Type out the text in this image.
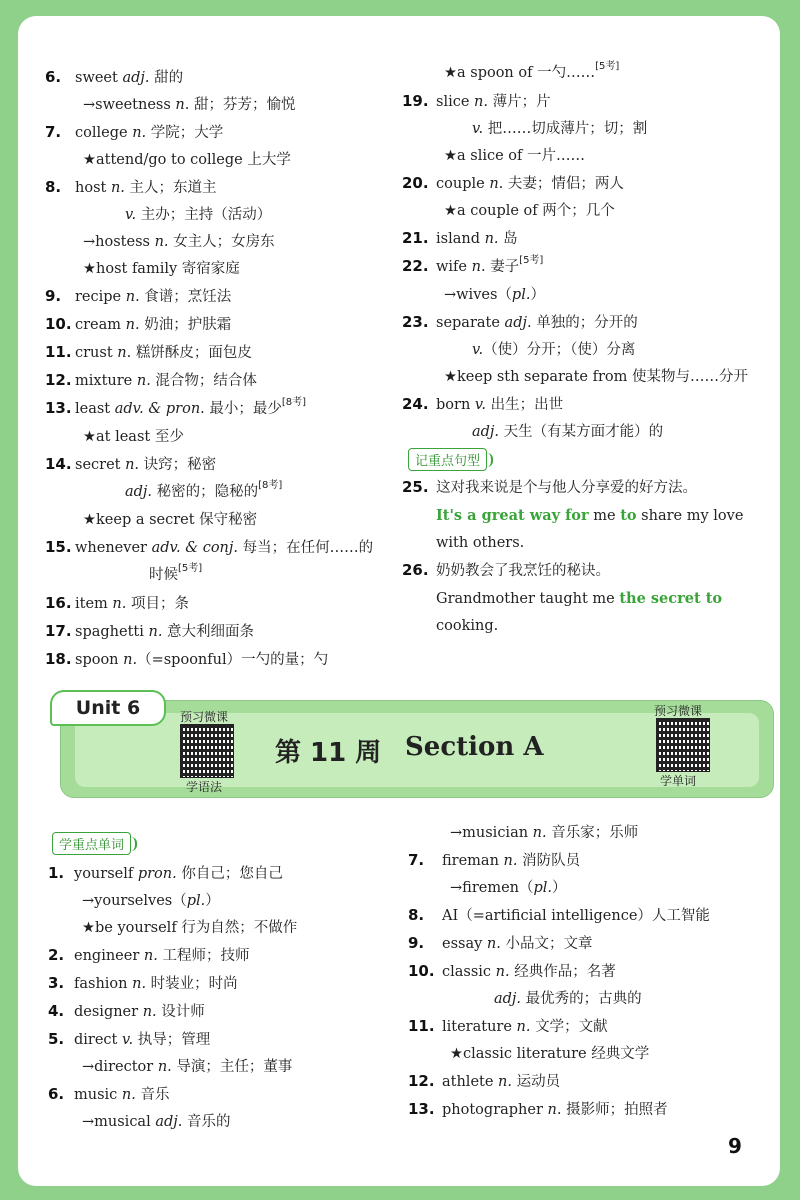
6. sweet adj. 甜的
→sweetness n. 甜；芬芳；愉悦
7. college n. 学院；大学
★attend/go to college 上大学
8. host n. 主人；东道主
v. 主办；主持（活动）
→hostess n. 女主人；女房东
★host family 寄宿家庭
9. recipe n. 食谱；烹饪法
10. cream n. 奶油；护肤霜
11. crust n. 糕饼酥皮；面包皮
12. mixture n. 混合物；结合体
13. least adv. & pron. 最小；最少[8考]
★at least 至少
14. secret n. 诀窍；秘密
adj. 秘密的；隐秘的[8考]
★keep a secret 保守秘密
15. whenever adv. & conj. 每当；在任何……的
时候[5考]
16. item n. 项目；条
17. spaghetti n. 意大利细面条
18. spoon n.（=spoonful）一勺的量；勺
★a spoon of 一勺……[5考]
19. slice n. 薄片；片
v. 把……切成薄片；切；割
★a slice of 一片……
20. couple n. 夫妻；情侣；两人
★a couple of 两个；几个
21. island n. 岛
22. wife n. 妻子[5考]
→wives（pl.）
23. separate adj. 单独的；分开的
v.（使）分开；（使）分离
★keep sth separate from 使某物与……分开
24. born v. 出生；出世
adj. 天生（有某方面才能）的
记重点句型
25. 这对我来说是个与他人分享爱的好方法。
It's a great way for me to share my love
with others.
26. 奶奶教会了我烹饪的秘诀。
Grandmother taught me the secret to
cooking.
Unit 6	预习微课
学语法
第 11 周 Section A
预习微课
学单词
学重点单词
1. yourself pron. 你自己；您自己
→yourselves（pl.）
★be yourself 行为自然；不做作
2. engineer n. 工程师；技师
3. fashion n. 时装业；时尚
4. designer n. 设计师
5. direct v. 执导；管理
→director n. 导演；主任；董事
6. music n. 音乐
→musical adj. 音乐的
→musician n. 音乐家；乐师
7. fireman n. 消防队员
→firemen（pl.）
8. AI（=artificial intelligence）人工智能
9. essay n. 小品文；文章
10. classic n. 经典作品；名著
adj. 最优秀的；古典的
11. literature n. 文学；文献
★classic literature 经典文学
12. athlete n. 运动员
13. photographer n. 摄影师；拍照者
9
